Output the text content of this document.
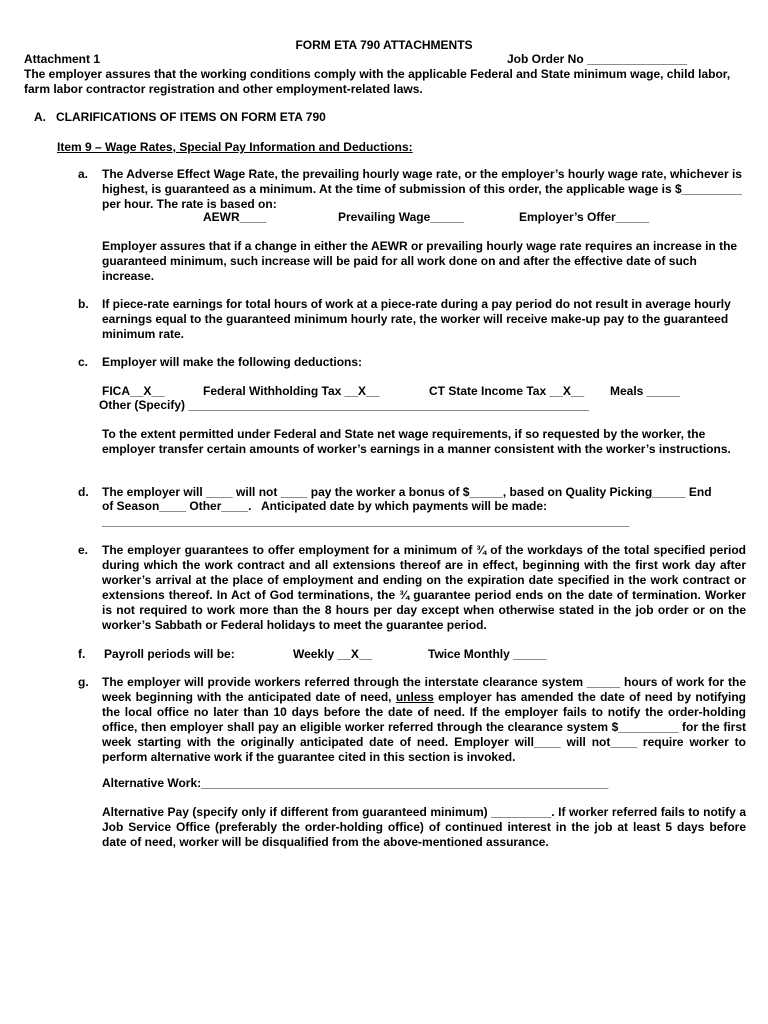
FORM ETA 790 ATTACHMENTS
Attachment 1	Job Order No _______________
The employer assures that the working conditions comply with the applicable Federal and State minimum wage, child labor, farm labor contractor registration and other employment-related laws.
A.   CLARIFICATIONS OF ITEMS ON FORM ETA 790
Item 9 – Wage Rates, Special Pay Information and Deductions:
a. The Adverse Effect Wage Rate, the prevailing hourly wage rate, or the employer’s hourly wage rate, whichever is highest, is guaranteed as a minimum. At the time of submission of this order, the applicable wage is $_________ per hour. The rate is based on:
AEWR____	Prevailing Wage_____	Employer’s Offer_____
Employer assures that if a change in either the AEWR or prevailing hourly wage rate requires an increase in the guaranteed minimum, such increase will be paid for all work done on and after the effective date of such increase.
b. If piece-rate earnings for total hours of work at a piece-rate during a pay period do not result in average hourly earnings equal to the guaranteed minimum hourly rate, the worker will receive make-up pay to the guaranteed minimum rate.
c. Employer will make the following deductions:
FICA__X__	Federal Withholding Tax __X__	CT State Income Tax __X__ Meals _____
Other (Specify) ____________________________________________________________
To the extent permitted under Federal and State net wage requirements, if so requested by the worker, the employer transfer certain amounts of worker’s earnings in a manner consistent with the worker’s instructions.
d. The employer will ____ will not ____ pay the worker a bonus of $_____, based on Quality Picking_____ End
of Season____ Other____.   Anticipated date by which payments will be made:
_______________________________________________________________________________
e. The employer guarantees to offer employment for a minimum of ¾ of the workdays of the total specified period during which the work contract and all extensions thereof are in effect, beginning with the first work day after worker’s arrival at the place of employment and ending on the expiration date specified in the work contract or extensions thereof. In Act of God terminations, the ¾ guarantee period ends on the date of termination. Worker is not required to work more than the 8 hours per day except when otherwise stated in the job order or on the worker’s Sabbath or Federal holidays to meet the guarantee period.
f. Payroll periods will be:	Weekly __X__	Twice Monthly _____
g. The employer will provide workers referred through the interstate clearance system _____ hours of work for the week beginning with the anticipated date of need, unless employer has amended the date of need by notifying the local office no later than 10 days before the date of need. If the employer fails to notify the order-holding office, then employer shall pay an eligible worker referred through the clearance system $_________ for the first week starting with the originally anticipated date of need. Employer will____ will not____ require worker to perform alternative work if the guarantee cited in this section is invoked.
Alternative Work:_____________________________________________________________
Alternative Pay (specify only if different from guaranteed minimum) _________. If worker referred fails to notify a Job Service Office (preferably the order-holding office) of continued interest in the job at least 5 days before date of need, worker will be disqualified from the above-mentioned assurance.
